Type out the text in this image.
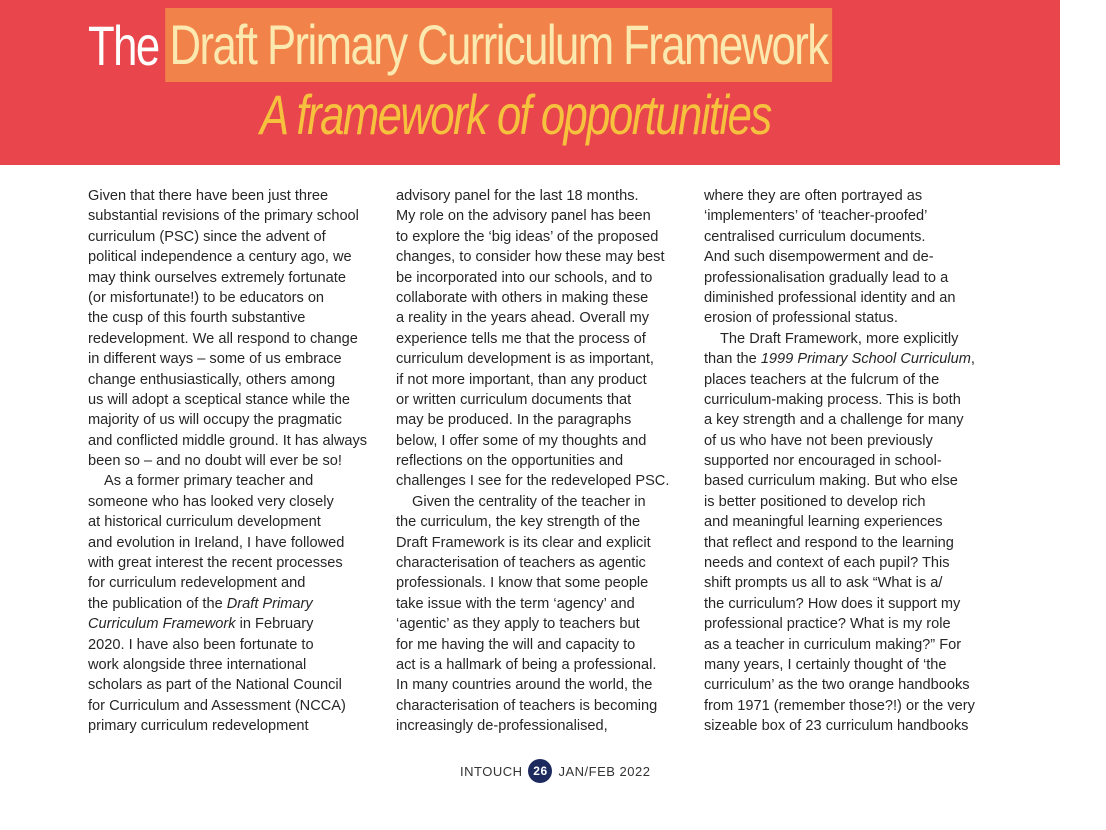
The Draft Primary Curriculum Framework
A framework of opportunities
Given that there have been just three
substantial revisions of the primary school
curriculum (PSC) since the advent of
political independence a century ago, we
may think ourselves extremely fortunate
(or misfortunate!) to be educators on
the cusp of this fourth substantive
redevelopment. We all respond to change
in different ways – some of us embrace
change enthusiastically, others among
us will adopt a sceptical stance while the
majority of us will occupy the pragmatic
and conflicted middle ground. It has always
been so – and no doubt will ever be so!
As a former primary teacher and
someone who has looked very closely
at historical curriculum development
and evolution in Ireland, I have followed
with great interest the recent processes
for curriculum redevelopment and
the publication of the Draft Primary
Curriculum Framework in February
2020. I have also been fortunate to
work alongside three international
scholars as part of the National Council
for Curriculum and Assessment (NCCA)
primary curriculum redevelopment
advisory panel for the last 18 months.
My role on the advisory panel has been
to explore the ‘big ideas’ of the proposed
changes, to consider how these may best
be incorporated into our schools, and to
collaborate with others in making these
a reality in the years ahead. Overall my
experience tells me that the process of
curriculum development is as important,
if not more important, than any product
or written curriculum documents that
may be produced. In the paragraphs
below, I offer some of my thoughts and
reflections on the opportunities and
challenges I see for the redeveloped PSC.
Given the centrality of the teacher in
the curriculum, the key strength of the
Draft Framework is its clear and explicit
characterisation of teachers as agentic
professionals. I know that some people
take issue with the term ‘agency’ and
‘agentic’ as they apply to teachers but
for me having the will and capacity to
act is a hallmark of being a professional.
In many countries around the world, the
characterisation of teachers is becoming
increasingly de-professionalised,
where they are often portrayed as
‘implementers’ of ‘teacher-proofed’
centralised curriculum documents.
And such disempowerment and de-
professionalisation gradually lead to a
diminished professional identity and an
erosion of professional status.
The Draft Framework, more explicitly
than the 1999 Primary School Curriculum,
places teachers at the fulcrum of the
curriculum-making process. This is both
a key strength and a challenge for many
of us who have not been previously
supported nor encouraged in school-
based curriculum making. But who else
is better positioned to develop rich
and meaningful learning experiences
that reflect and respond to the learning
needs and context of each pupil? This
shift prompts us all to ask “What is a/
the curriculum? How does it support my
professional practice? What is my role
as a teacher in curriculum making?” For
many years, I certainly thought of ‘the
curriculum’ as the two orange handbooks
from 1971 (remember those?!) or the very
sizeable box of 23 curriculum handbooks
INTOUCH 26 JAN/FEB 2022
